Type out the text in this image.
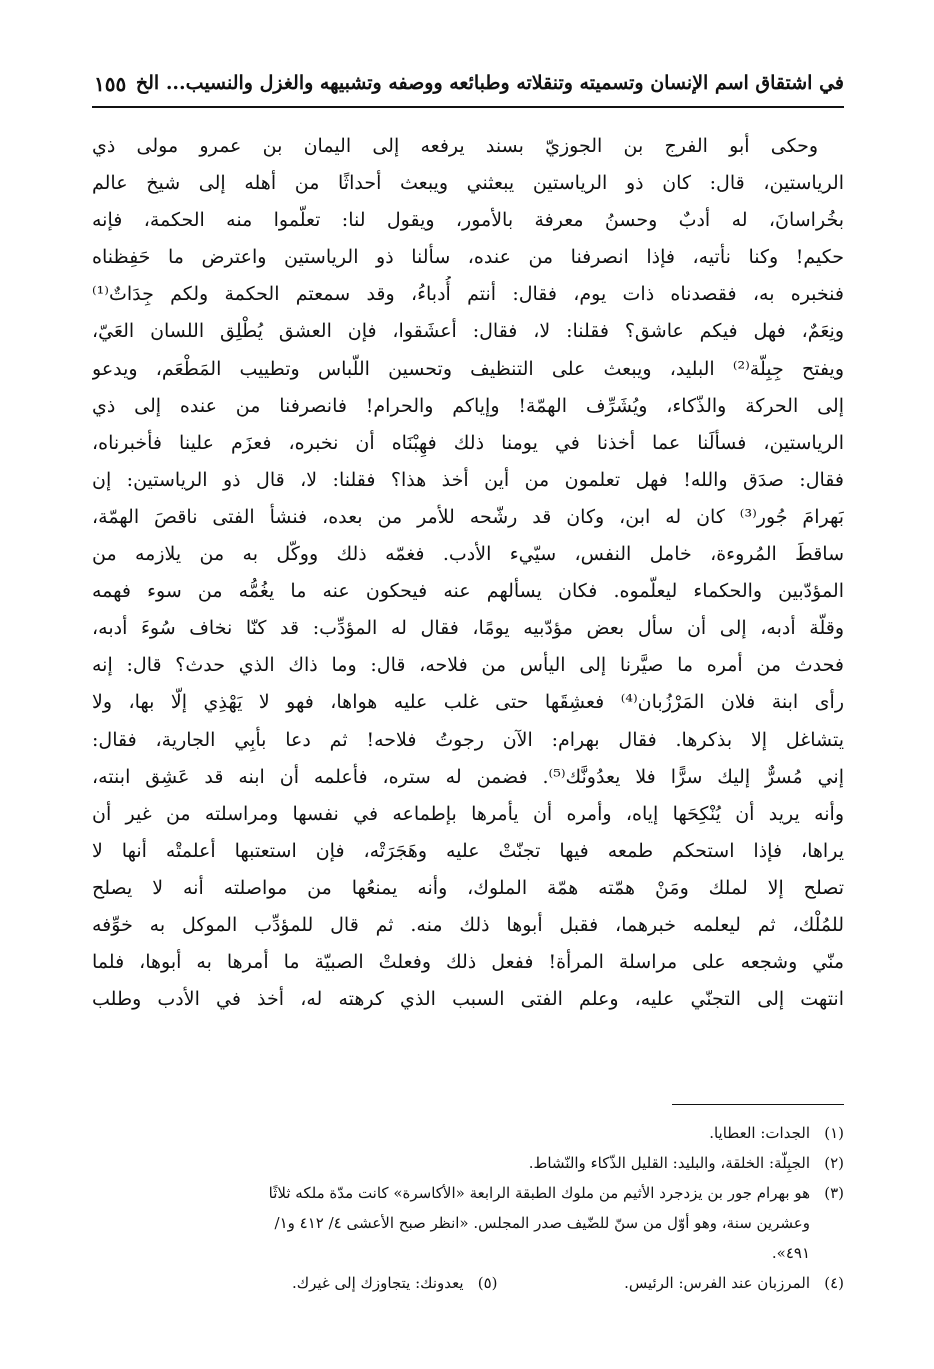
في اشتقاق اسم الإنسان وتسميته وتنقلاته وطبائعه ووصفه وتشبيهه والغزل والنسيب... الخ
١٥٥
وحكى أبو الفرج بن الجوزيّ بسند يرفعه إلى اليمان بن عمرو مولى ذي
الرياستين، قال: كان ذو الرياستين يبعثني ويبعث أحداثًا من أهله إلى شيخ عالم
بخُراسانَ، له أدبٌ وحسنُ معرفة بالأمور، ويقول لنا: تعلّموا منه الحكمة، فإنه
حكيم! وكنا نأتيه، فإذا انصرفنا من عنده، سألنا ذو الرياستين واعترض ما حَفِظناه
فنخبره به، فقصدناه ذات يوم، فقال: أنتم أُدباءُ، وقد سمعتم الحكمة ولكم جِدَاتٌ⁽¹⁾
ونِعَمٌ، فهل فيكم عاشق؟ فقلنا: لا، فقال: أعشَقوا، فإن العشق يُطْلِق اللسان العَيّ،
ويفتح جِبِلّة⁽²⁾ البليد، ويبعث على التنظيف وتحسين اللّباس وتطييب المَطْعَم، ويدعو
إلى الحركة والذّكاء، ويُشَرِّف الهمّة! وإياكم والحرام! فانصرفنا من عنده إلى ذي
الرياستين، فسألَنا عما أخذنا في يومنا ذلك فهِبْنَاه أن نخبره، فعزَم علينا فأخبرناه،
فقال: صدَق والله! فهل تعلمون من أين أخذ هذا؟ فقلنا: لا، قال ذو الرياستين: إن
بَهرامَ جُور⁽³⁾ كان له ابن، وكان قد رشّحه للأمر من بعده، فنشأ الفتى ناقصَ الهمّة،
ساقطَ المُروءة، خامل النفس، سيّيء الأدب. فغمّه ذلك ووكّل به من يلازمه من
المؤدّبين والحكماء ليعلّموه. فكان يسألهم عنه فيحكون عنه ما يغُمُّه من سوء فهمه
وقلّة أدبه، إلى أن سأل بعض مؤدّبيه يومًا، فقال له المؤدِّب: قد كنّا نخاف سُوءَ أدبه،
فحدث من أمره ما صيَّرنا إلى اليأس من فلاحه، قال: وما ذاك الذي حدث؟ قال: إنه
رأى ابنة فلان المَرْزُبان⁽⁴⁾ فعشِقَها حتى غلب عليه هواها، فهو لا يَهْذِي إلّا بها، ولا
يتشاغل إلا بذكرها. فقال بهرام: الآن رجوتُ فلاحه! ثم دعا بأبِي الجارية، فقال:
إني مُسرٌّ إليك سرًّا فلا يعدُونَّك⁽⁵⁾. فضمن له ستره، فأعلمه أن ابنه قد عَشِق ابنته،
وأنه يريد أن يُنْكِحَها إياه، وأمره أن يأمرها بإطماعه في نفسها ومراسلته من غير أن
يراها، فإذا استحكم طمعه فيها تجنّتْ عليه وهَجَرَتْه، فإن استعتبها أعلمتْه أنها لا
تصلح إلا لملك ومَنْ همّته همّة الملوك، وأنه يمنعُها من مواصلته أنه لا يصلح
للمُلْك، ثم ليعلمه خبرهما، فقبل أبوها ذلك منه. ثم قال للمؤدِّب الموكل به خوِّفه
منّي وشجعه على مراسلة المرأة! ففعل ذلك وفعلتْ الصبيّة ما أمرها به أبوها، فلما
انتهت إلى التجنّي عليه، وعلم الفتى السبب الذي كرهته له، أخذ في الأدب وطلب
(١)الجدات: العطايا.
(٢)الجبِلّة: الخلقة، والبليد: القليل الذّكاء والنّشاط.
(٣)هو بهرام جور بن يزدجرد الأثيم من ملوك الطبقة الرابعة «الأكاسرة» كانت مدّة ملكه ثلاثًا
وعشرين سنة، وهو أوّل من سنّ للضّيف صدر المجلس. «انظر صبح الأعشى ٤/ ٤١٢ و١/
٤٩١».
(٤)المرزبان عند الفرس: الرئيس.
(٥)يعدونك: يتجاوزك إلى غيرك.
